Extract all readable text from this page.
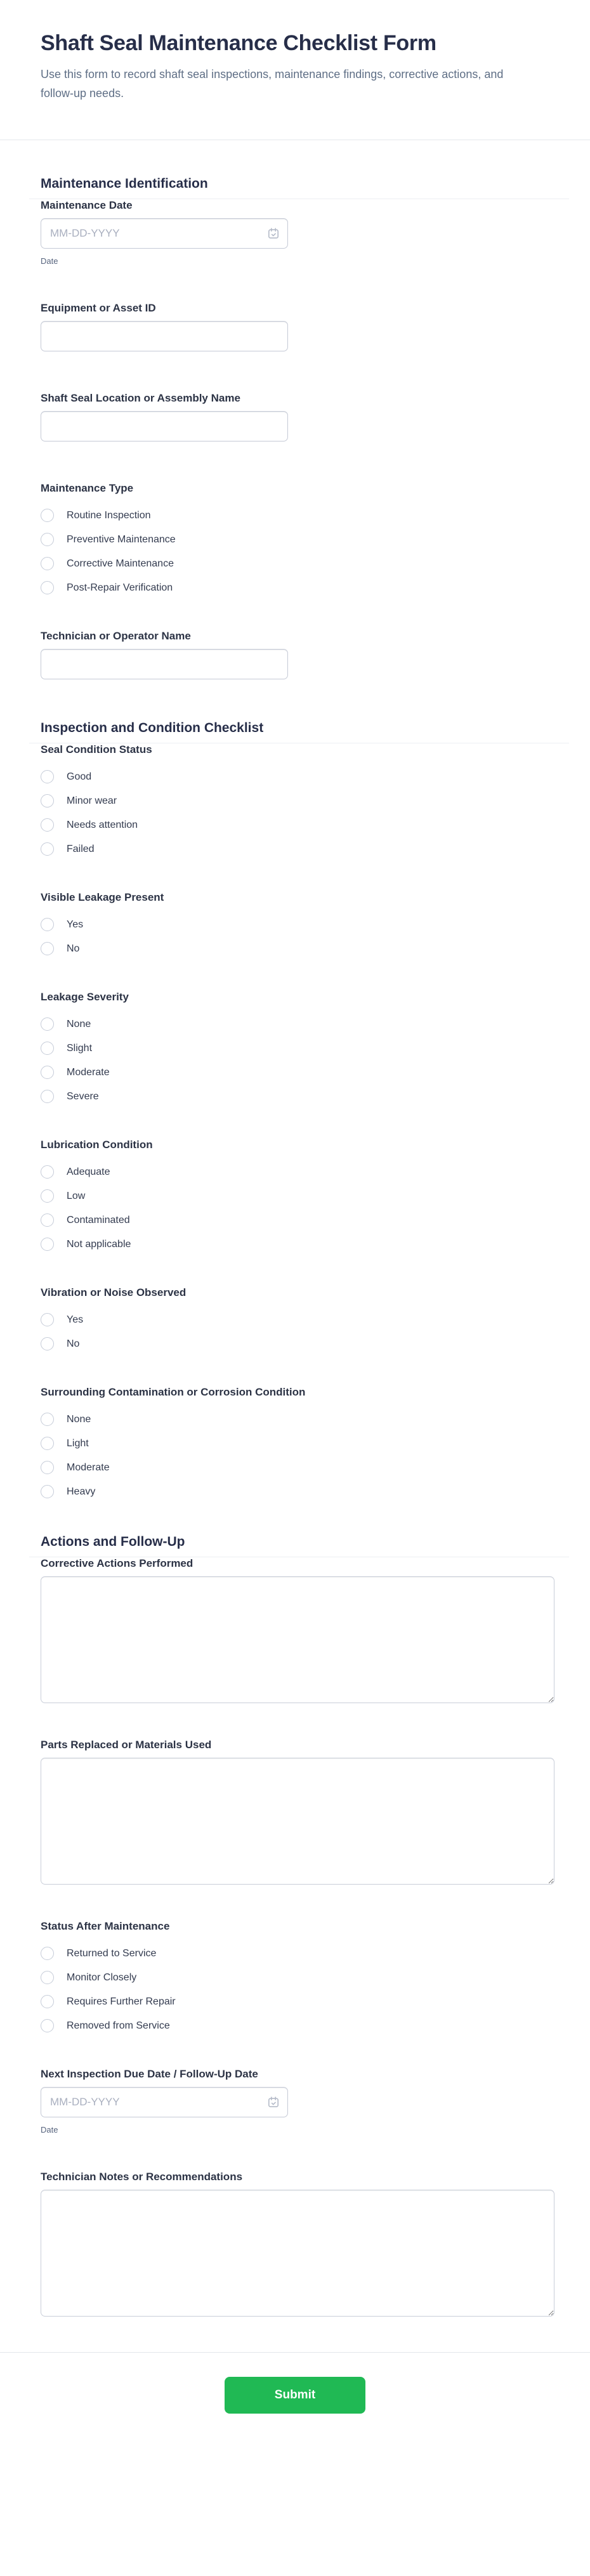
Shaft Seal Maintenance Checklist Form

Use this form to record shaft seal inspections, maintenance findings, corrective actions, and follow-up needs.

Maintenance Identification
Maintenance Date
MM-DD-YYYY
Date
Equipment or Asset ID
Shaft Seal Location or Assembly Name
Maintenance Type
Routine Inspection
Preventive Maintenance
Corrective Maintenance
Post-Repair Verification
Technician or Operator Name
Inspection and Condition Checklist
Seal Condition Status
Good
Minor wear
Needs attention
Failed
Visible Leakage Present
Yes
No
Leakage Severity
None
Slight
Moderate
Severe
Lubrication Condition
Adequate
Low
Contaminated
Not applicable
Vibration or Noise Observed
Yes
No
Surrounding Contamination or Corrosion Condition
None
Light
Moderate
Heavy
Actions and Follow-Up
Corrective Actions Performed
Parts Replaced or Materials Used
Status After Maintenance
Returned to Service
Monitor Closely
Requires Further Repair
Removed from Service
Next Inspection Due Date / Follow-Up Date
MM-DD-YYYY
Date
Technician Notes or Recommendations
Submit
